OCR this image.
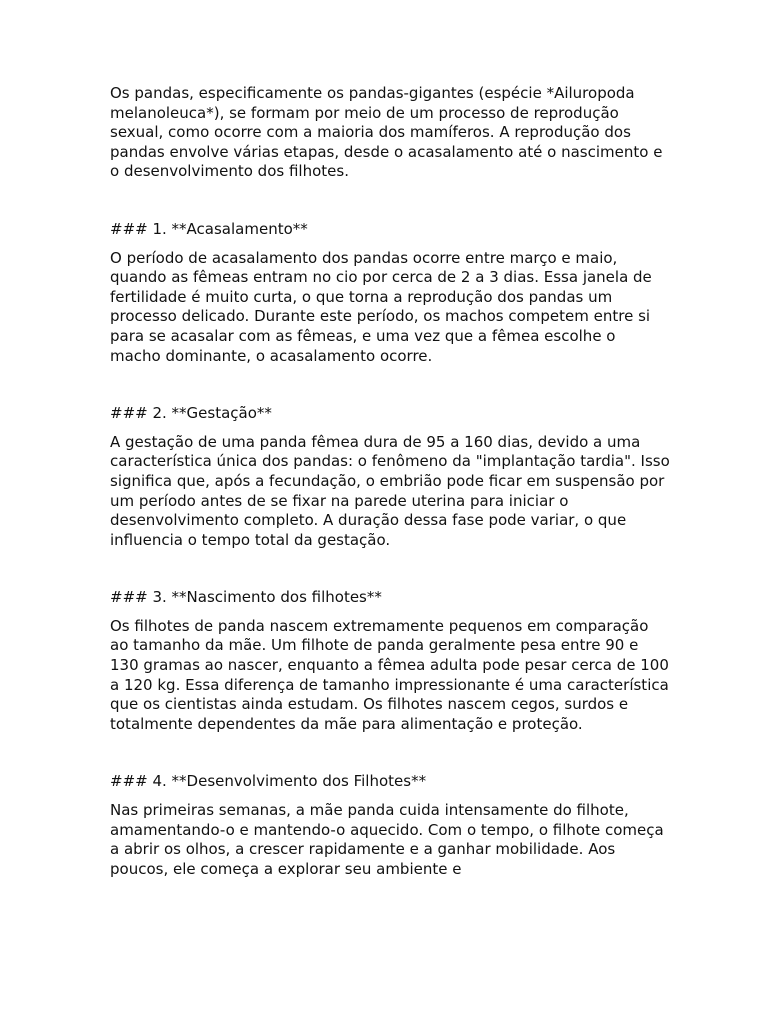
Os pandas, especificamente os pandas-gigantes (espécie *Ailuropoda melanoleuca*), se formam por meio de um processo de reprodução sexual, como ocorre com a maioria dos mamíferos. A reprodução dos pandas envolve várias etapas, desde o acasalamento até o nascimento e o desenvolvimento dos filhotes.

### 1. **Acasalamento**

O período de acasalamento dos pandas ocorre entre março e maio, quando as fêmeas entram no cio por cerca de 2 a 3 dias. Essa janela de fertilidade é muito curta, o que torna a reprodução dos pandas um processo delicado. Durante este período, os machos competem entre si para se acasalar com as fêmeas, e uma vez que a fêmea escolhe o macho dominante, o acasalamento ocorre.

### 2. **Gestação**

A gestação de uma panda fêmea dura de 95 a 160 dias, devido a uma característica única dos pandas: o fenômeno da "implantação tardia". Isso significa que, após a fecundação, o embrião pode ficar em suspensão por um período antes de se fixar na parede uterina para iniciar o desenvolvimento completo. A duração dessa fase pode variar, o que influencia o tempo total da gestação.

### 3. **Nascimento dos filhotes**

Os filhotes de panda nascem extremamente pequenos em comparação ao tamanho da mãe. Um filhote de panda geralmente pesa entre 90 e 130 gramas ao nascer, enquanto a fêmea adulta pode pesar cerca de 100 a 120 kg. Essa diferença de tamanho impressionante é uma característica que os cientistas ainda estudam. Os filhotes nascem cegos, surdos e totalmente dependentes da mãe para alimentação e proteção.

### 4. **Desenvolvimento dos Filhotes**

Nas primeiras semanas, a mãe panda cuida intensamente do filhote, amamentando-o e mantendo-o aquecido. Com o tempo, o filhote começa a abrir os olhos, a crescer rapidamente e a ganhar mobilidade. Aos poucos, ele começa a explorar seu ambiente e
